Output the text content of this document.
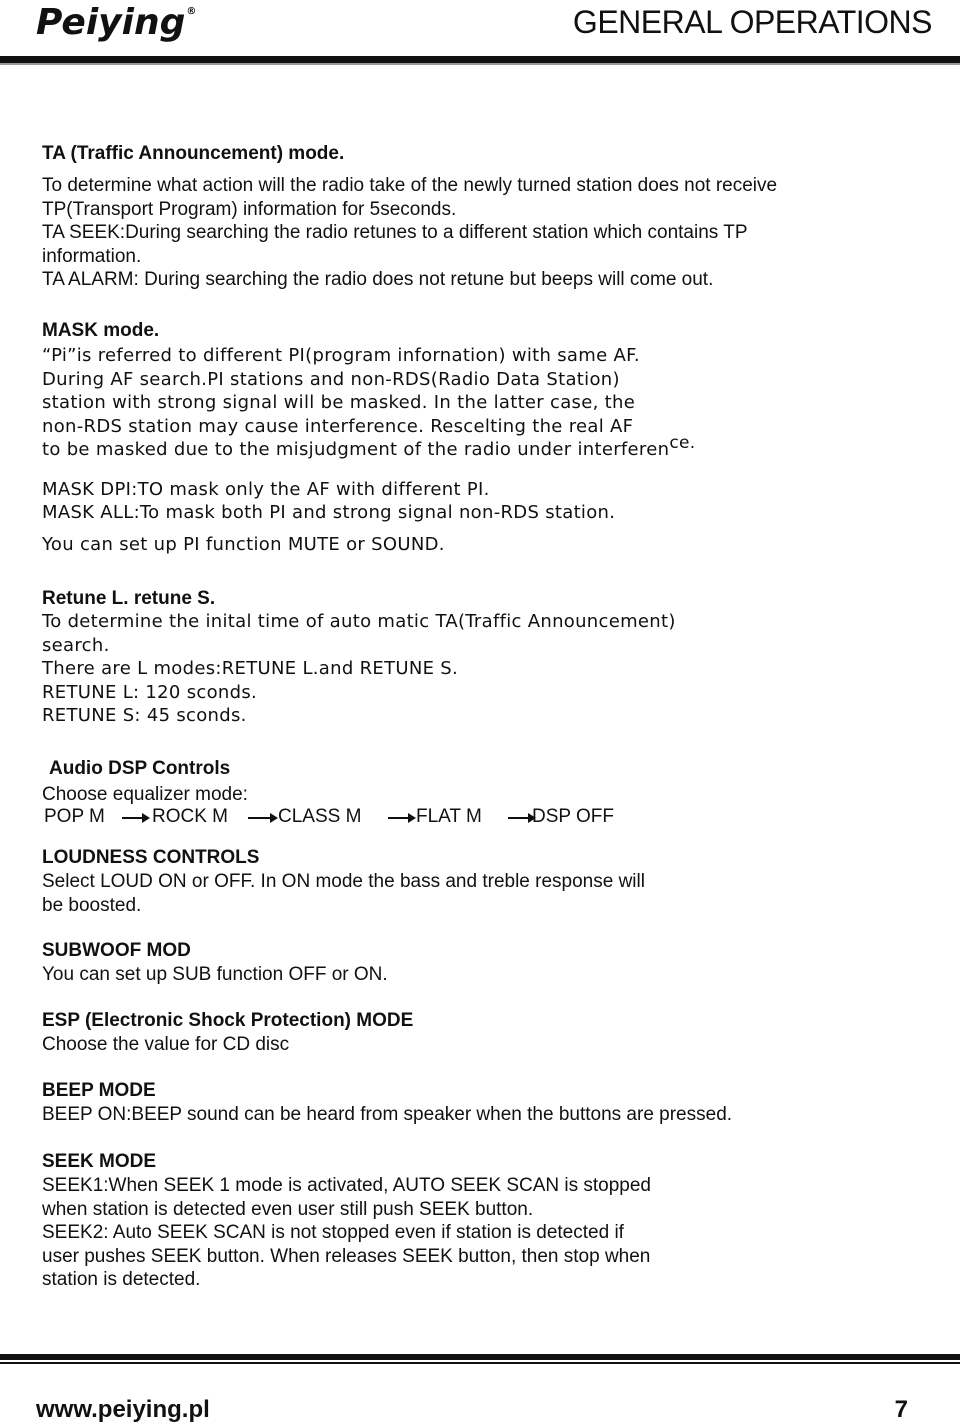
Peiying®	GENERAL OPERATIONS
TA (Traffic Announcement) mode.
To determine what action will the radio take of the newly turned station does not receive
TP(Transport Program) information for 5seconds.
TA SEEK:During searching the radio retunes to a different station which contains TP
information.
TA ALARM: During searching the radio does not retune but beeps will come out.
MASK mode.
“Pi”is referred to different PI(program infornation) with same AF.
During AF search.PI stations and non-RDS(Radio Data Station)
station with strong signal will be masked. In the latter case, the
non-RDS station may cause interference. Rescelting the real AF
to be masked due to the misjudgment of the radio under interference.
MASK DPI:TO mask only the AF with different PI.
MASK ALL:To mask both PI and strong signal non-RDS station.
You can set up PI function MUTE or SOUND.
Retune L. retune S.
To determine the inital time of auto matic TA(Traffic Announcement)
search.
There are L modes:RETUNE L.and RETUNE S.
RETUNE L: 120 sconds.
RETUNE S: 45 sconds.
Audio DSP Controls
Choose equalizer mode:
POP M ROCK M	CLASS M	FLAT M	DSP OFF
LOUDNESS CONTROLS
Select LOUD ON or OFF. In ON mode the bass and treble response will
be boosted.
SUBWOOF MOD
You can set up SUB function OFF or ON.
ESP (Electronic Shock Protection) MODE
Choose the value for CD disc
BEEP MODE
BEEP ON:BEEP sound can be heard from speaker when the buttons are pressed.
SEEK MODE
SEEK1:When SEEK 1 mode is activated, AUTO SEEK SCAN is stopped
when station is detected even user still push SEEK button.
SEEK2: Auto SEEK SCAN is not stopped even if station is detected if
user pushes SEEK button. When releases SEEK button, then stop when
station is detected.
www.peiying.pl	7
